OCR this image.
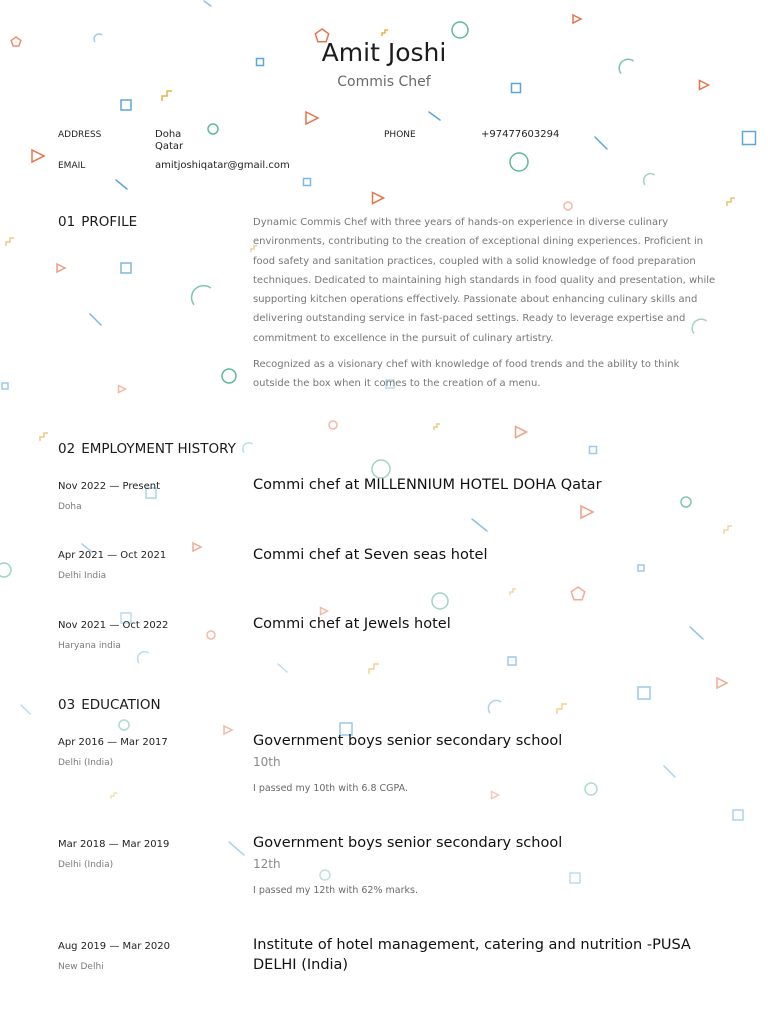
Amit Joshi
Commis Chef
ADDRESS	Doha
Qatar
PHONE	+97477603294
EMAIL	amitjoshiqatar@gmail.com
01 PROFILE	Dynamic Commis Chef with three years of hands-on experience in diverse culinary environments, contributing to the creation of exceptional dining experiences. Proficient in food safety and sanitation practices, coupled with a solid knowledge of food preparation techniques. Dedicated to maintaining high standards in food quality and presentation, while supporting kitchen operations effectively. Passionate about enhancing culinary skills and delivering outstanding service in fast-paced settings. Ready to leverage expertise and commitment to excellence in the pursuit of culinary artistry.

Recognized as a visionary chef with knowledge of food trends and the ability to think outside the box when it comes to the creation of a menu.

02 EMPLOYMENT HISTORY
Nov 2022 — Present
Doha
Commi chef at MILLENNIUM HOTEL DOHA Qatar
Apr 2021 — Oct 2021
Delhi India
Commi chef at Seven seas hotel
Nov 2021 — Oct 2022
Haryana india
Commi chef at Jewels hotel
03 EDUCATION
Apr 2016 — Mar 2017
Delhi (India)
Government boys senior secondary school
10th
I passed my 10th with 6.8 CGPA.
Mar 2018 — Mar 2019
Delhi (India)
Government boys senior secondary school
12th
I passed my 12th with 62% marks.
Aug 2019 — Mar 2020
New Delhi
Institute of hotel management, catering and nutrition -PUSA DELHI (India)
